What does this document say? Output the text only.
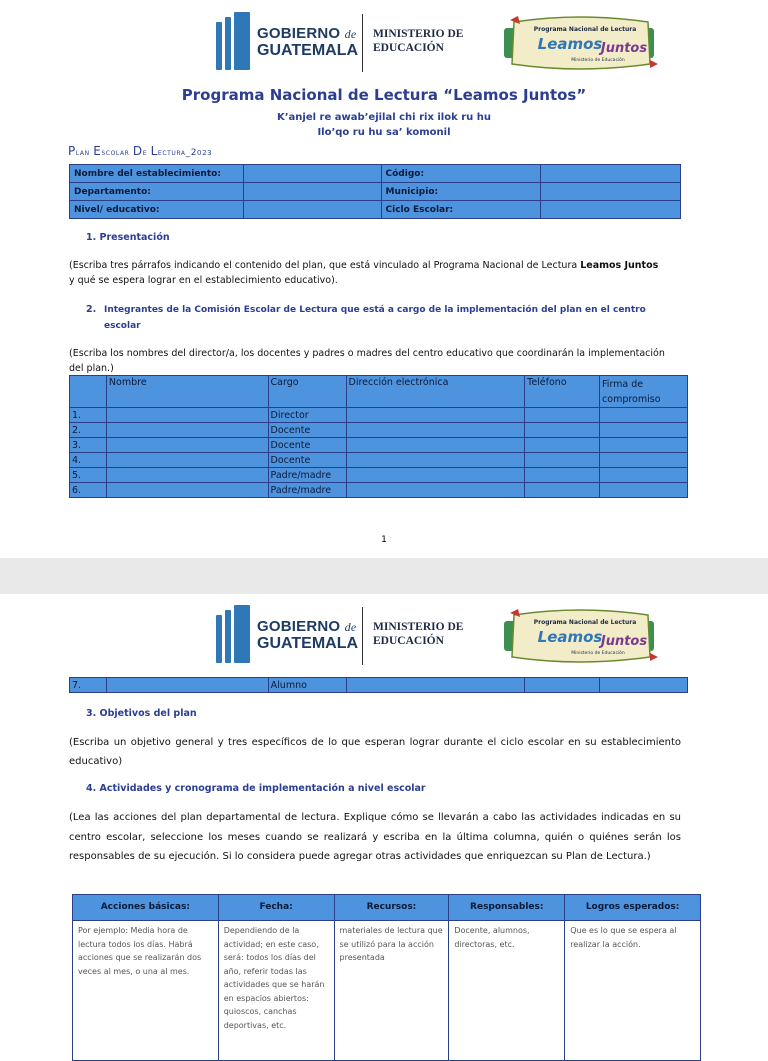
GOBIERNO de
GUATEMALA
MINISTERIO DE
EDUCACIÓN
Programa Nacional de Lectura
Leamos
Juntos
Ministerio de Educación
Programa Nacional de Lectura “Leamos Juntos”
K’anjel re awab’ejilal chi rix ilok ru hu
Ilo’qo ru hu sa’ komonil
Plan Escolar De Lectura_2023
Nombre del establecimiento:		Código:	
Departamento:		Municipio:	
Nivel/ educativo:		Ciclo Escolar:	
1. Presentación
(Escriba tres párrafos indicando el contenido del plan, que está vinculado al Programa Nacional de Lectura Leamos Juntos
y qué se espera lograr en el establecimiento educativo).
2. Integrantes de la Comisión Escolar de Lectura que está a cargo de la implementación del plan en el centro escolar
(Escriba los nombres del director/a, los docentes y padres o madres del centro educativo que coordinarán la implementación del plan.)
	Nombre	Cargo	Dirección electrónica	Teléfono	Firma de compromiso
1.		Director			
2.		Docente			
3.		Docente			
4.		Docente			
5.		Padre/madre			
6.		Padre/madre			
1
GOBIERNO de
GUATEMALA
MINISTERIO DE
EDUCACIÓN
Programa Nacional de Lectura
Leamos
Juntos
Ministerio de Educación
7.		Alumno			
3. Objetivos del plan
(Escriba un objetivo general y tres específicos de lo que esperan lograr durante el ciclo escolar en su establecimiento educativo)
4. Actividades y cronograma de implementación a nivel escolar
(Lea las acciones del plan departamental de lectura. Explique cómo se llevarán a cabo las actividades indicadas en su centro escolar, seleccione los meses cuando se realizará y escriba en la última columna, quién o quiénes serán los responsables de su ejecución. Si lo considera puede agregar otras actividades que enriquezcan su Plan de Lectura.)
Acciones básicas:	Fecha:	Recursos:	Responsables:	Logros esperados:
Por ejemplo: Media hora de lectura todos los días. Habrá acciones que se realizarán dos veces al mes, o una al mes.	Dependiendo de la actividad; en este caso, será: todos los días del año, referir todas las actividades que se harán en espacios abiertos: quioscos, canchas deportivas, etc.	materiales de lectura que se utilizó para la acción presentada	Docente, alumnos, directoras, etc.	Que es lo que se espera al realizar la acción.
